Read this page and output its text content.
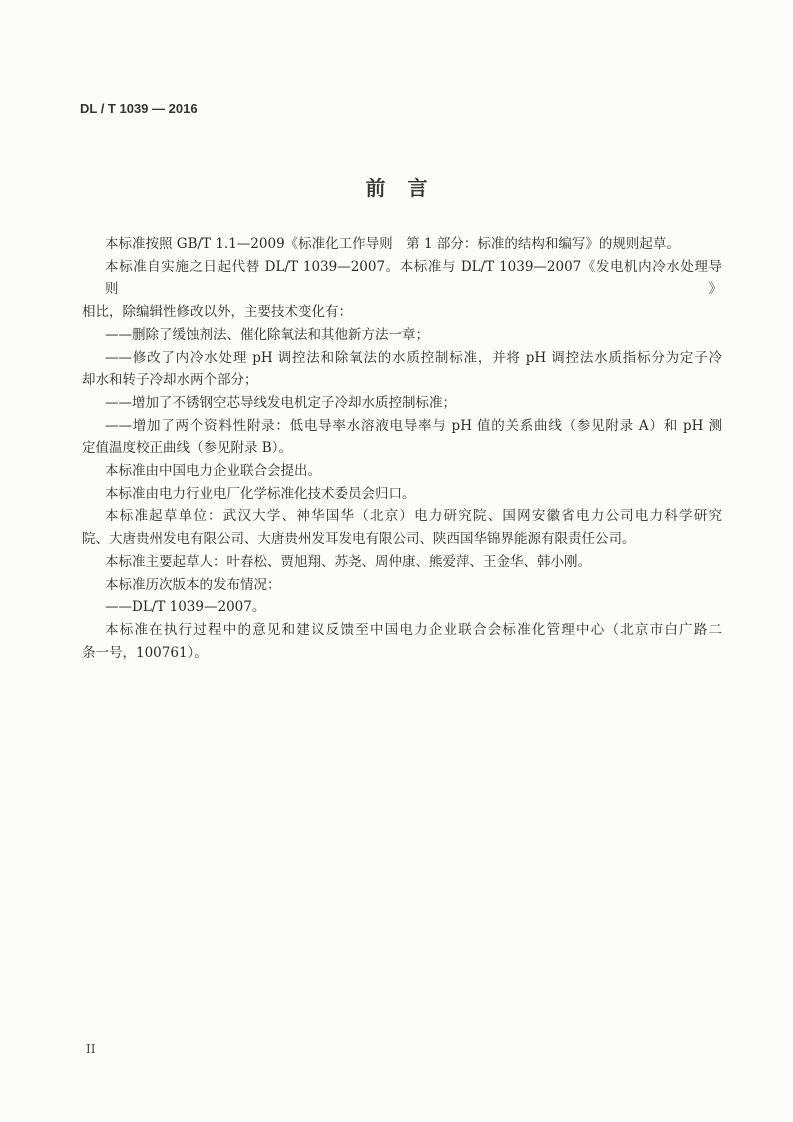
DL / T 1039 — 2016
前言
本标准按照 GB/T 1.1—2009《标准化工作导则　第 1 部分：标准的结构和编写》的规则起草。
本标准自实施之日起代替 DL/T 1039—2007。本标准与 DL/T 1039—2007《发电机内冷水处理导则》
相比，除编辑性修改以外，主要技术变化有：
——删除了缓蚀剂法、催化除氧法和其他新方法一章；
——修改了内冷水处理 pH 调控法和除氧法的水质控制标准，并将 pH 调控法水质指标分为定子冷
却水和转子冷却水两个部分；
——增加了不锈钢空芯导线发电机定子冷却水质控制标准；
——增加了两个资料性附录：低电导率水溶液电导率与 pH 值的关系曲线（参见附录 A）和 pH 测
定值温度校正曲线（参见附录 B）。
本标准由中国电力企业联合会提出。
本标准由电力行业电厂化学标准化技术委员会归口。
本标准起草单位：武汉大学、神华国华（北京）电力研究院、国网安徽省电力公司电力科学研究
院、大唐贵州发电有限公司、大唐贵州发耳发电有限公司、陕西国华锦界能源有限责任公司。
本标准主要起草人：叶春松、贾旭翔、苏尧、周仲康、熊爱萍、王金华、韩小刚。
本标准历次版本的发布情况：
——DL/T 1039—2007。
本标准在执行过程中的意见和建议反馈至中国电力企业联合会标准化管理中心（北京市白广路二
条一号，100761）。
II
